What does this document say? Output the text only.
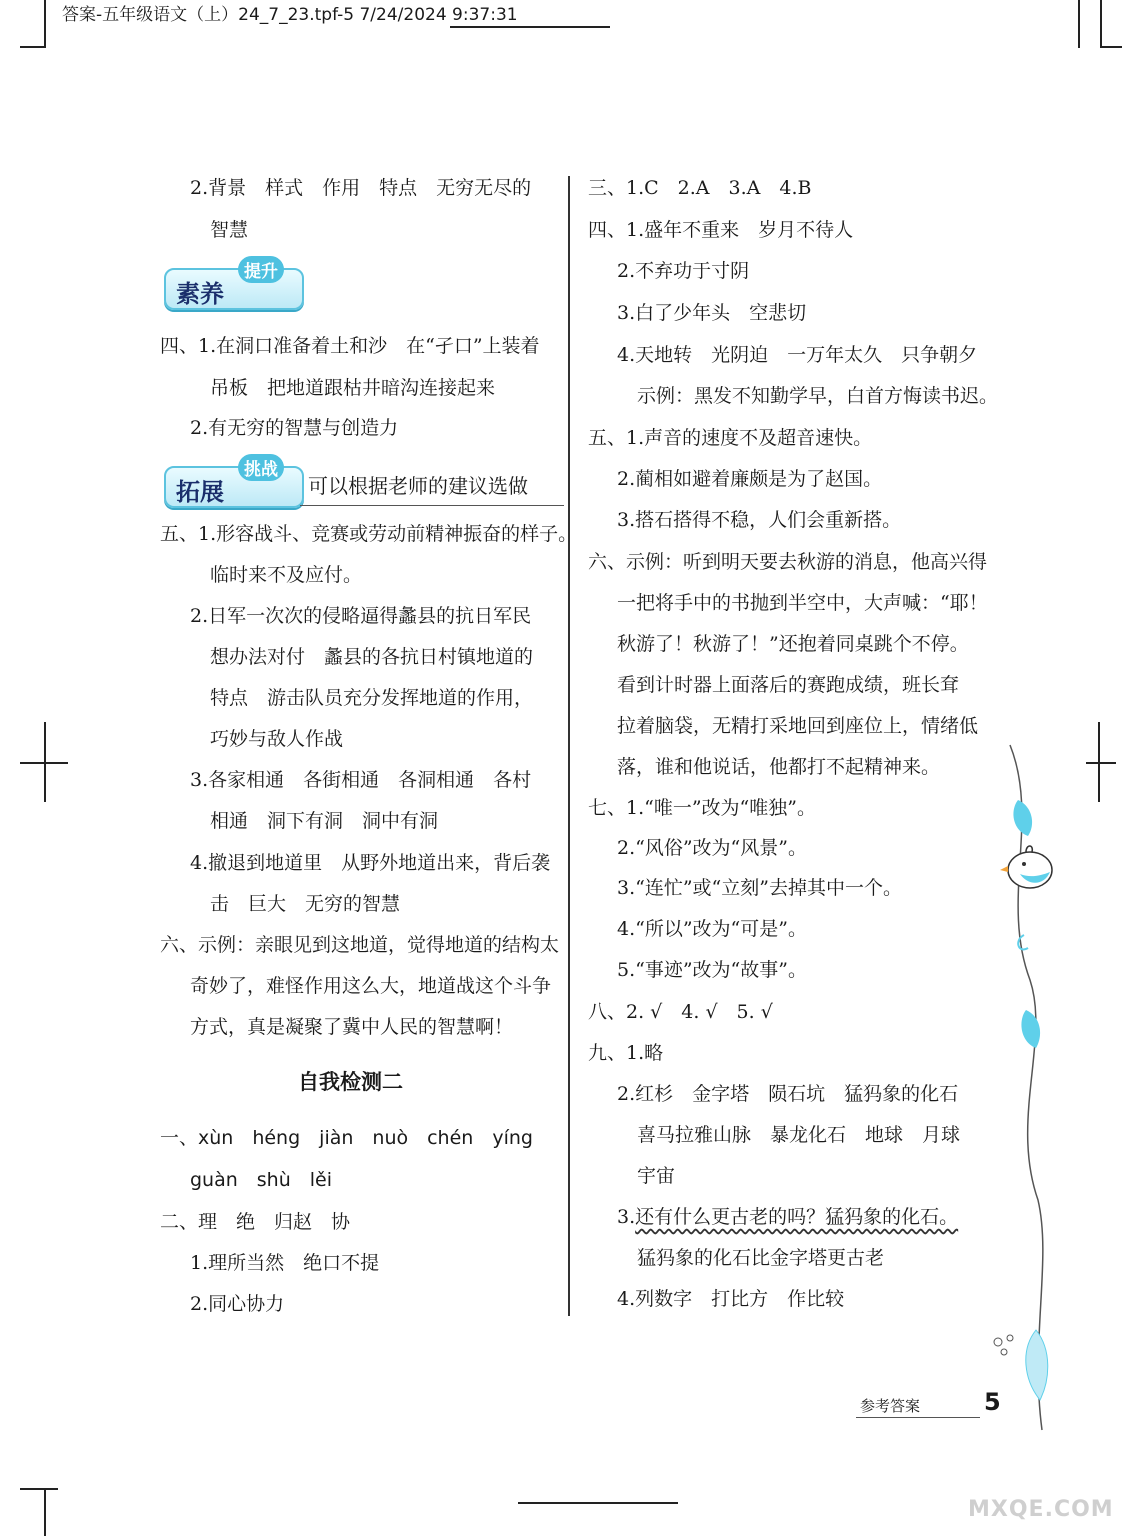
答案-五年级语文（上）24_7_23.tpf-5 7/24/2024 9:37:31
2.背景　样式　作用　特点　无穷无尽的
智慧
素养
提升
四、1.在洞口准备着土和沙　在“孑口”上装着
吊板　把地道跟枯井暗沟连接起来
2.有无穷的智慧与创造力
拓展
挑战
可以根据老师的建议选做
五、1.形容战斗、竞赛或劳动前精神振奋的样子。
临时来不及应付。
2.日军一次次的侵略逼得蠡县的抗日军民
想办法对付　蠡县的各抗日村镇地道的
特点　游击队员充分发挥地道的作用，
巧妙与敌人作战
3.各家相通　各街相通　各洞相通　各村
相通　洞下有洞　洞中有洞
4.撤退到地道里　从野外地道出来，背后袭
击　巨大　无穷的智慧
六、示例：亲眼见到这地道，觉得地道的结构太
奇妙了，难怪作用这么大，地道战这个斗争
方式，真是凝聚了冀中人民的智慧啊！
自我检测二
一、xùn　héng　jiàn　nuò　chén　yíng
guàn　shù　lěi
二、理　绝　归赵　协
1.理所当然　绝口不提
2.同心协力
三、1.C　2.A　3.A　4.B
四、1.盛年不重来　岁月不待人
2.不弃功于寸阴
3.白了少年头　空悲切
4.天地转　光阴迫　一万年太久　只争朝夕
示例：黑发不知勤学早，白首方悔读书迟。
五、1.声音的速度不及超音速快。
2.蔺相如避着廉颇是为了赵国。
3.搭石搭得不稳，人们会重新搭。
六、示例：听到明天要去秋游的消息，他高兴得
一把将手中的书抛到半空中，大声喊：“耶！
秋游了！秋游了！”还抱着同桌跳个不停。
看到计时器上面落后的赛跑成绩，班长耷
拉着脑袋，无精打采地回到座位上，情绪低
落，谁和他说话，他都打不起精神来。
七、1.“唯一”改为“唯独”。
2.“风俗”改为“风景”。
3.“连忙”或“立刻”去掉其中一个。
4.“所以”改为“可是”。
5.“事迹”改为“故事”。
八、2. √　4. √　5. √
九、1.略
2.红杉　金字塔　陨石坑　猛犸象的化石
喜马拉雅山脉　暴龙化石　地球　月球
宇宙
3.还有什么更古老的吗？猛犸象的化石。
猛犸象的化石比金字塔更古老
4.列数字　打比方　作比较
参考答案	5
MXQE.COM
